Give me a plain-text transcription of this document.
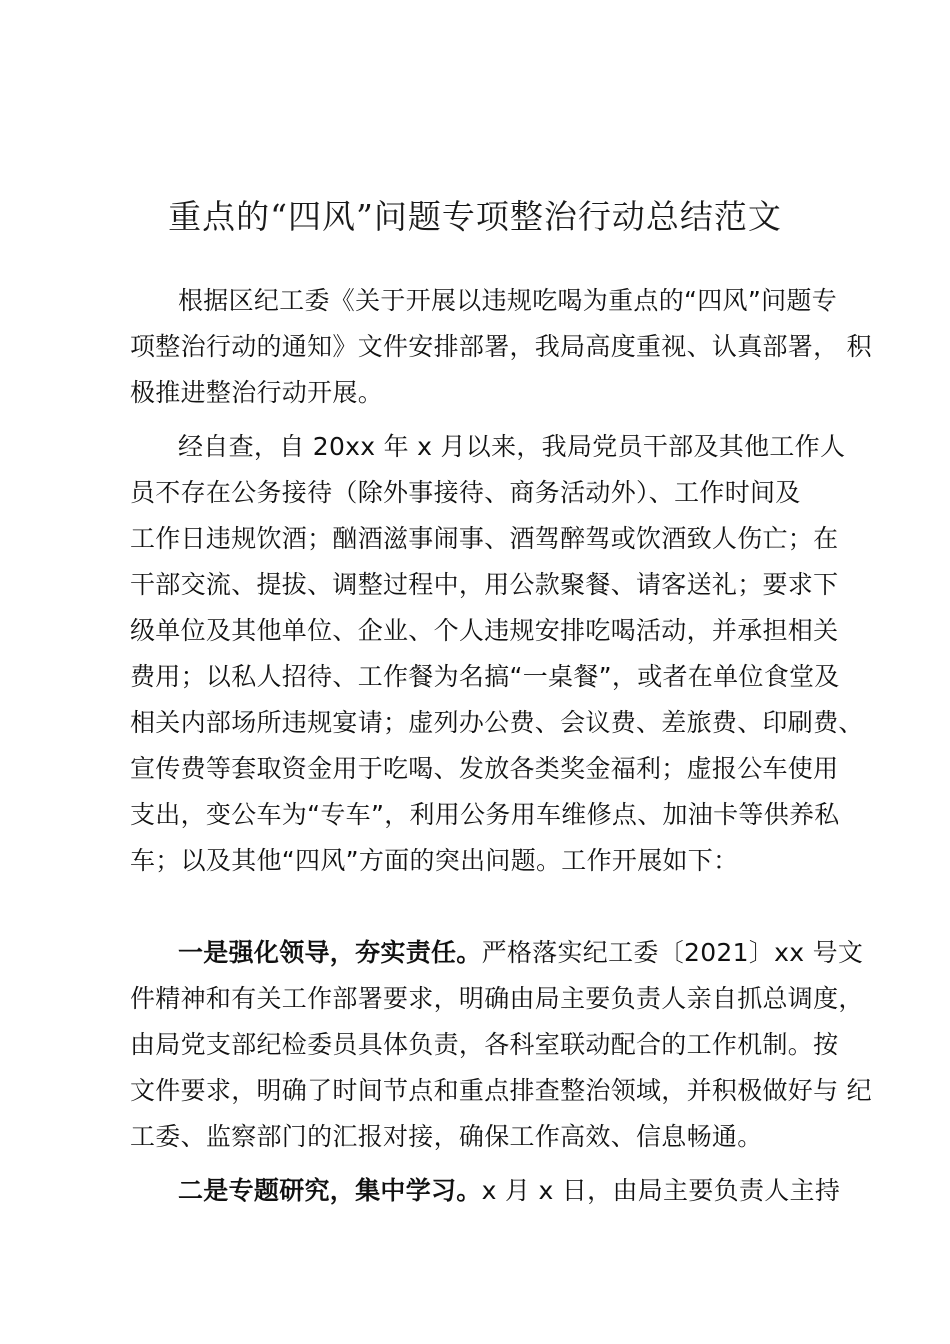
重点的“四风”问题专项整治行动总结范文
根据区纪工委《关于开展以违规吃喝为重点的“四风”问题专
项整治行动的通知》文件安排部署，我局高度重视、认真部署， 积
极推进整治行动开展。
经自查，自 20xx 年 x 月以来，我局党员干部及其他工作人
员不存在公务接待（除外事接待、商务活动外）、工作时间及
工作日违规饮酒；酗酒滋事闹事、酒驾醉驾或饮酒致人伤亡；在
干部交流、提拔、调整过程中，用公款聚餐、请客送礼；要求下
级单位及其他单位、企业、个人违规安排吃喝活动，并承担相关
费用；以私人招待、工作餐为名搞“一桌餐”，或者在单位食堂及
相关内部场所违规宴请；虚列办公费、会议费、差旅费、印刷费、
宣传费等套取资金用于吃喝、发放各类奖金福利；虚报公车使用
支出，变公车为“专车”，利用公务用车维修点、加油卡等供养私
车；以及其他“四风”方面的突出问题。工作开展如下：
一是强化领导，夯实责任。严格落实纪工委〔2021〕xx 号文
件精神和有关工作部署要求，明确由局主要负责人亲自抓总调度，
由局党支部纪检委员具体负责，各科室联动配合的工作机制。按
文件要求，明确了时间节点和重点排查整治领域，并积极做好与 纪
工委、监察部门的汇报对接，确保工作高效、信息畅通。
二是专题研究，集中学习。x 月 x 日，由局主要负责人主持
